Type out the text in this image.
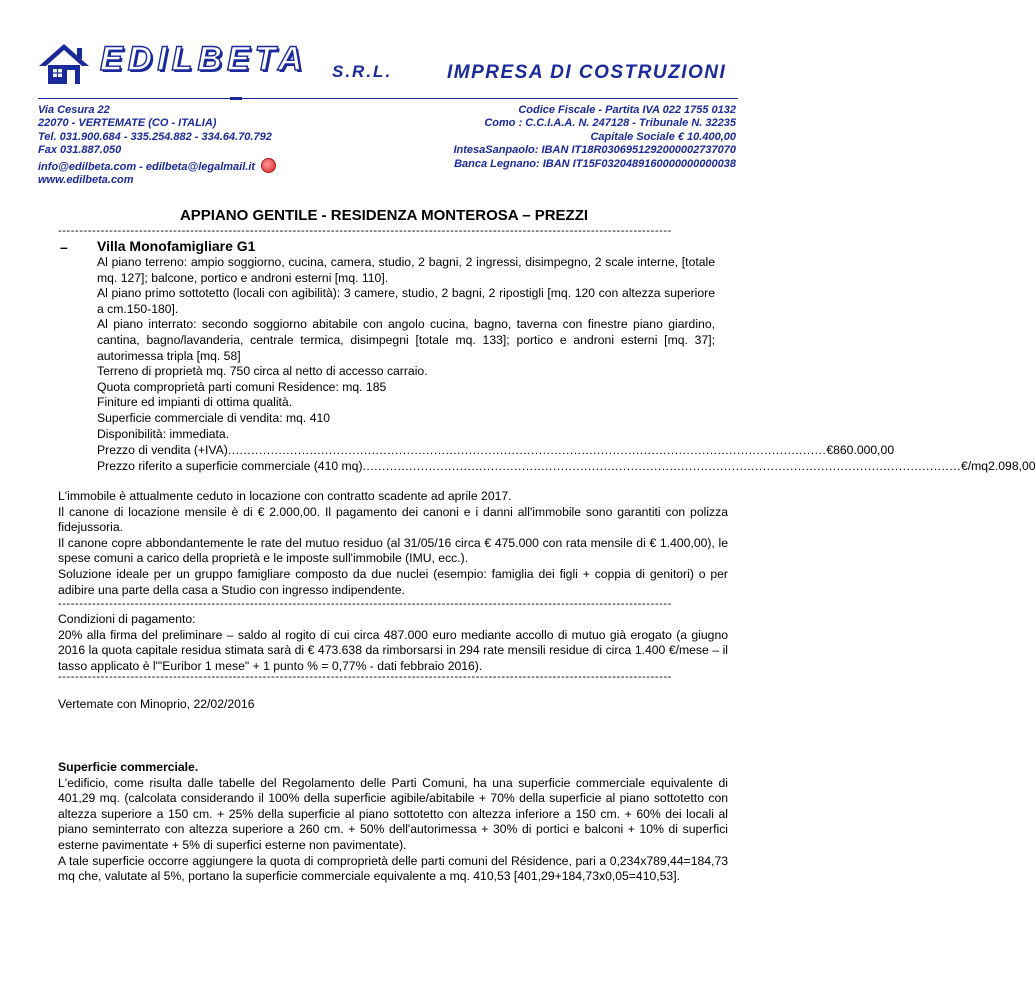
EDILBETA S.R.L.	IMPRESA DI COSTRUZIONI
Via Cesura 22
22070 - VERTEMATE (CO - ITALIA)
Tel. 031.900.684 - 335.254.882 - 334.64.70.792
Fax 031.887.050
info@edilbeta.com - edilbeta@legalmail.it
www.edilbeta.com
Codice Fiscale - Partita IVA 022 1755 0132
Como : C.C.I.A.A. N. 247128 - Tribunale N. 32235
Capitale Sociale € 10.400,00
IntesaSanpaolo: IBAN IT18R0306951292000002737070
Banca Legnano: IBAN IT15F0320489160000000000038
APPIANO GENTILE - RESIDENZA MONTEROSA – PREZZI
------------------------------------------------------------------------------------------------------------------------------------------------
– Villa Monofamigliare G1
Al piano terreno: ampio soggiorno, cucina, camera, studio, 2 bagni, 2 ingressi, disimpegno, 2 scale interne, [totale mq. 127]; balcone, portico e androni esterni [mq. 110].
Al piano primo sottotetto (locali con agibilità): 3 camere, studio, 2 bagni, 2 ripostigli [mq. 120 con altezza superiore a cm.150-180].
Al piano interrato: secondo soggiorno abitabile con angolo cucina, bagno, taverna con finestre piano giardino, cantina, bagno/lavanderia, centrale termica, disimpegni [totale mq. 133]; portico e androni esterni [mq. 37]; autorimessa tripla [mq. 58]
Terreno di proprietà mq. 750 circa al netto di accesso carraio.
Quota comproprietà parti comuni Residence: mq. 185
Finiture ed impianti di ottima qualità.
Superficie commerciale di vendita: mq. 410
Disponibilità: immediata.
Prezzo di vendita (+IVA) .......................................................................................................................................................... € 860.000,00
Prezzo riferito a superficie commerciale (410 mq) .......................................................................................................................................................... €/mq 2.098,00
L'immobile è attualmente ceduto in locazione con contratto scadente ad aprile 2017.
Il canone di locazione mensile è di € 2.000,00. Il pagamento dei canoni e i danni all'immobile sono garantiti con polizza fidejussoria.
Il canone copre abbondantemente le rate del mutuo residuo (al 31/05/16 circa € 475.000 con rata mensile di € 1.400,00), le spese comuni a carico della proprietà e le imposte sull'immobile (IMU, ecc.).
Soluzione ideale per un gruppo famigliare composto da due nuclei (esempio: famiglia dei figli + coppia di genitori) o per adibire una parte della casa a Studio con ingresso indipendente.
------------------------------------------------------------------------------------------------------------------------------------------------
Condizioni di pagamento:
20% alla firma del preliminare – saldo al rogito di cui circa 487.000 euro mediante accollo di mutuo già erogato (a giugno 2016 la quota capitale residua stimata sarà di € 473.638 da rimborsarsi in 294 rate mensili residue di circa 1.400 €/mese – il tasso applicato è l'"Euribor 1 mese" + 1 punto % = 0,77% - dati febbraio 2016).
------------------------------------------------------------------------------------------------------------------------------------------------
Vertemate con Minoprio, 22/02/2016
Superficie commerciale.
L'edificio, come risulta dalle tabelle del Regolamento delle Parti Comuni, ha una superficie commerciale equivalente di 401,29 mq. (calcolata considerando il 100% della superficie agibile/abitabile + 70% della superficie al piano sottotetto con altezza superiore a 150 cm. + 25% della superficie al piano sottotetto con altezza inferiore a 150 cm. + 60% dei locali al piano seminterrato con altezza superiore a 260 cm. + 50% dell'autorimessa + 30% di portici e balconi + 10% di superfici esterne pavimentate + 5% di superfici esterne non pavimentate).
A tale superficie occorre aggiungere la quota di comproprietà delle parti comuni del Résidence, pari a 0,234x789,44=184,73 mq che, valutate al 5%, portano la superficie commerciale equivalente a mq. 410,53 [401,29+184,73x0,05=410,53].
